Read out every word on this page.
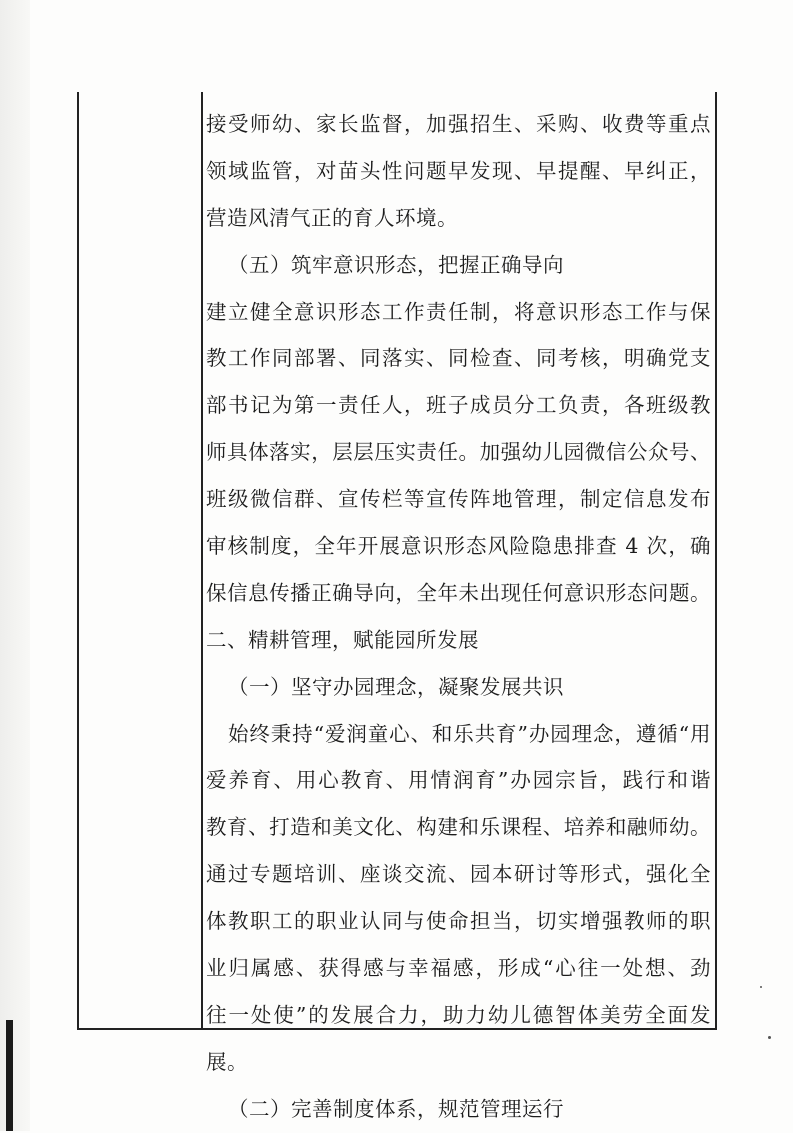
接受师幼、家长监督，加强招生、采购、收费等重点
领域监管，对苗头性问题早发现、早提醒、早纠正，
营造风清气正的育人环境。
（五）筑牢意识形态，把握正确导向
建立健全意识形态工作责任制，将意识形态工作与保
教工作同部署、同落实、同检查、同考核，明确党支
部书记为第一责任人，班子成员分工负责，各班级教
师具体落实，层层压实责任。加强幼儿园微信公众号、
班级微信群、宣传栏等宣传阵地管理，制定信息发布
审核制度，全年开展意识形态风险隐患排查 4 次，确
保信息传播正确导向，全年未出现任何意识形态问题。
二、精耕管理，赋能园所发展
（一）坚守办园理念，凝聚发展共识
始终秉持“爱润童心、和乐共育”办园理念，遵循“用
爱养育、用心教育、用情润育”办园宗旨，践行和谐
教育、打造和美文化、构建和乐课程、培养和融师幼。
通过专题培训、座谈交流、园本研讨等形式，强化全
体教职工的职业认同与使命担当，切实增强教师的职
业归属感、获得感与幸福感，形成“心往一处想、劲
往一处使”的发展合力，助力幼儿德智体美劳全面发
展。
（二）完善制度体系，规范管理运行
